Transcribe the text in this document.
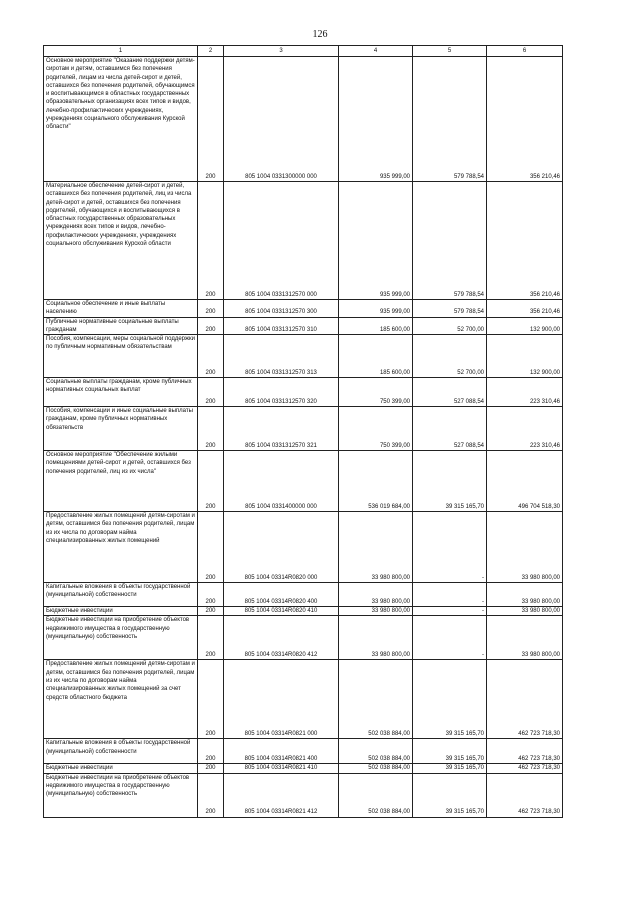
126
1	2	3	4	5	6
Основное мероприятие "Оказание поддержки детям-сиротам и детям, оставшимся без попечения родителей, лицам из числа детей-сирот и детей, оставшихся без попечения родителей, обучающимся и воспитывающимся в областных государственных образовательных организациях всех типов и видов, лечебно-профилактических учреждениях, учреждениях социального обслуживания Курской области"	200	805 1004 0331300000 000	935 999,00	579 788,54	356 210,46
Материальное обеспечение детей-сирот и детей, оставшихся без попечения родителей, лиц из числа детей-сирот и детей, оставшихся без попечения родителей, обучающихся и воспитывающихся в областных государственных образовательных учреждениях всех типов и видов, лечебно-профилактических учреждениях, учреждениях социального обслуживания Курской области	200	805 1004 0331312570 000	935 999,00	579 788,54	356 210,46
Социальное обеспечение и иные выплаты населению	200	805 1004 0331312570 300	935 999,00	579 788,54	356 210,46
Публичные нормативные социальные выплаты гражданам	200	805 1004 0331312570 310	185 600,00	52 700,00	132 900,00
Пособия, компенсации, меры социальной поддержки по публичным нормативным обязательствам	200	805 1004 0331312570 313	185 600,00	52 700,00	132 900,00
Социальные выплаты гражданам, кроме публичных нормативных социальных выплат	200	805 1004 0331312570 320	750 399,00	527 088,54	223 310,46
Пособия, компенсации и иные социальные выплаты гражданам, кроме публичных нормативных обязательств	200	805 1004 0331312570 321	750 399,00	527 088,54	223 310,46
Основное мероприятие "Обеспечение жилыми помещениями детей-сирот и детей, оставшихся без попечения родителей, лиц из их числа"	200	805 1004 0331400000 000	536 019 684,00	39 315 165,70	496 704 518,30
Предоставление жилых помещений детям-сиротам и детям, оставшимся без попечения родителей, лицам из их числа по договорам найма специализированных жилых помещений	200	805 1004 03314R0820 000	33 980 800,00	-	33 980 800,00
Капитальные вложения в объекты государственной (муниципальной) собственности	200	805 1004 03314R0820 400	33 980 800,00	-	33 980 800,00
Бюджетные инвестиции	200	805 1004 03314R0820 410	33 980 800,00	-	33 980 800,00
Бюджетные инвестиции на приобретение объектов недвижимого имущества в государственную (муниципальную) собственность	200	805 1004 03314R0820 412	33 980 800,00	-	33 980 800,00
Предоставление жилых помещений детям-сиротам и детям, оставшимся без попечения родителей, лицам из их числа по договорам найма специализированных жилых помещений за счет средств областного бюджета	200	805 1004 03314R0821 000	502 038 884,00	39 315 165,70	462 723 718,30
Капитальные вложения в объекты государственной (муниципальной) собственности	200	805 1004 03314R0821 400	502 038 884,00	39 315 165,70	462 723 718,30
Бюджетные инвестиции	200	805 1004 03314R0821 410	502 038 884,00	39 315 165,70	462 723 718,30
Бюджетные инвестиции на приобретение объектов недвижимого имущества в государственную (муниципальную) собственность	200	805 1004 03314R0821 412	502 038 884,00	39 315 165,70	462 723 718,30
